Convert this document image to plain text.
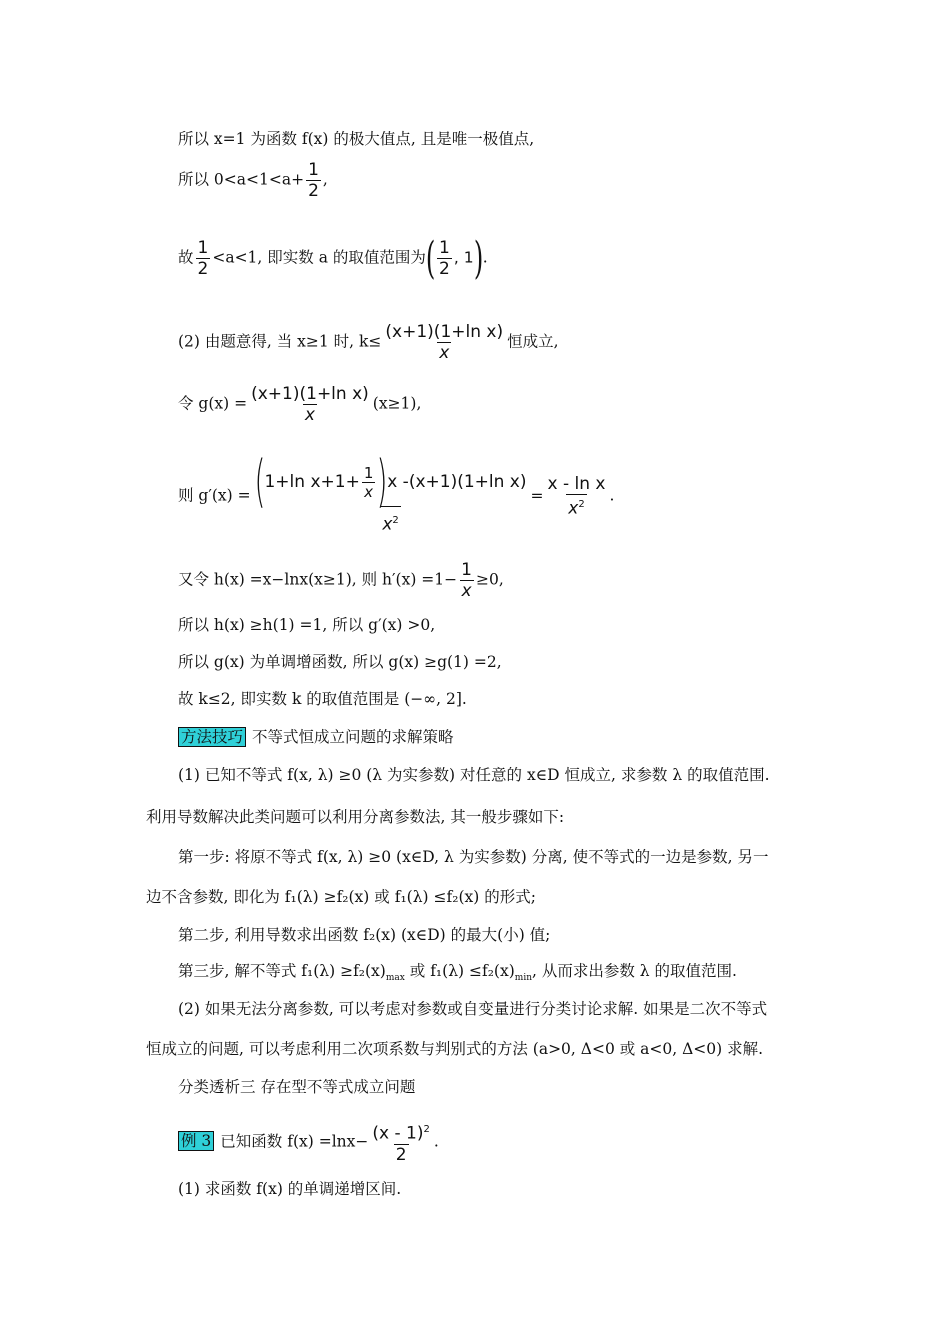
所以 x=1 为函数 f(x) 的极大值点, 且是唯一极值点,
所以 $0<a<1<a+ \frac{1}{2}$ ,
故 $\frac{1}{2} <a<1$, 即实数 a 的取值范围为( $\frac{1}{2}$ , 1).
(2) 由题意得, 当 x≥1 时, $k\le \frac{\text{(x+1)(1+ln x)}}{x}$ 恒成立,
令 $g(x) = \frac{\text{(x+1)(1+ln x)}}{x} (x\ge 1)$,
则 $g'(x) = \frac{( 1+\ln x+1+ \frac{1}{x} ) x -(x+1)(1+\ln x)}{x^2} = \frac{\text{x - ln x}}{x^2}$ .
又令 h(x) =x−lnx(x≥1), 则 $h'(x) =1- \frac{1}{x} \ge 0$,
所以 h(x) ≥h(1) =1, 所以 g′(x) >0,
所以 g(x) 为单调增函数, 所以 g(x) ≥g(1) =2,
故 k≤2, 即实数 k 的取值范围是 (−∞, 2].
方法技巧 不等式恒成立问题的求解策略
(1) 已知不等式 f(x, λ) ≥0 (λ 为实参数) 对任意的 x∈D 恒成立, 求参数 λ 的取值范围.
利用导数解决此类问题可以利用分离参数法, 其一般步骤如下:
第一步: 将原不等式 f(x, λ) ≥0 (x∈D, λ 为实参数) 分离, 使不等式的一边是参数, 另一
边不含参数, 即化为 f₁(λ) ≥f₂(x) 或 f₁(λ) ≤f₂(x) 的形式;
第二步, 利用导数求出函数 f₂(x) (x∈D) 的最大(小) 值;
第三步, 解不等式 $f_1(\lambda) \ge f_2(x)_{max}$ 或 $f_1(\lambda) \le f_2(x)_{min}$, 从而求出参数 λ 的取值范围.
(2) 如果无法分离参数, 可以考虑对参数或自变量进行分类讨论求解. 如果是二次不等式
恒成立的问题, 可以考虑利用二次项系数与判别式的方法 (a>0, Δ<0 或 a<0, Δ<0) 求解.
分类透析三 存在型不等式成立问题
例 3 已知函数 $f(x) =\ln x- \frac{(x - 1)^2}{2}$ .
(1) 求函数 f(x) 的单调递增区间.
